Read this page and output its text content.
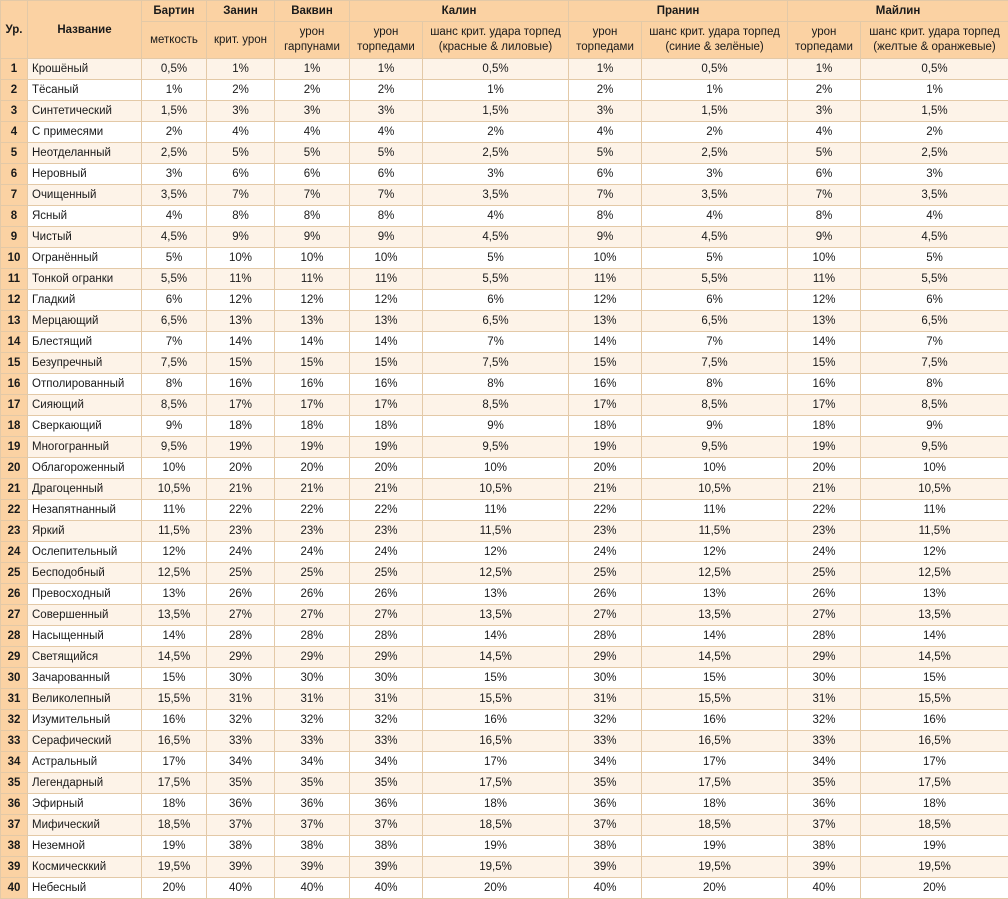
Ур.	Название	Бартин	Занин	Ваквин	Калин		Пранин		Майлин	
		меткость	крит. урон	урон гарпунами	урон торпедами	шанс крит. удара торпед (красные & лиловые)	урон торпедами	шанс крит. удара торпед (синие & зелёные)	урон торпедами	шанс крит. удара торпед (желтые & оранжевые)
1	Крошёный	0,5%	1%	1%	1%	0,5%	1%	0,5%	1%	0,5%
2	Тёсаный	1%	2%	2%	2%	1%	2%	1%	2%	1%
3	Синтетический	1,5%	3%	3%	3%	1,5%	3%	1,5%	3%	1,5%
4	С примесями	2%	4%	4%	4%	2%	4%	2%	4%	2%
5	Неотделанный	2,5%	5%	5%	5%	2,5%	5%	2,5%	5%	2,5%
6	Неровный	3%	6%	6%	6%	3%	6%	3%	6%	3%
7	Очищенный	3,5%	7%	7%	7%	3,5%	7%	3,5%	7%	3,5%
8	Ясный	4%	8%	8%	8%	4%	8%	4%	8%	4%
9	Чистый	4,5%	9%	9%	9%	4,5%	9%	4,5%	9%	4,5%
10	Огранённый	5%	10%	10%	10%	5%	10%	5%	10%	5%
11	Тонкой огранки	5,5%	11%	11%	11%	5,5%	11%	5,5%	11%	5,5%
12	Гладкий	6%	12%	12%	12%	6%	12%	6%	12%	6%
13	Мерцающий	6,5%	13%	13%	13%	6,5%	13%	6,5%	13%	6,5%
14	Блестящий	7%	14%	14%	14%	7%	14%	7%	14%	7%
15	Безупречный	7,5%	15%	15%	15%	7,5%	15%	7,5%	15%	7,5%
16	Отполированный	8%	16%	16%	16%	8%	16%	8%	16%	8%
17	Сияющий	8,5%	17%	17%	17%	8,5%	17%	8,5%	17%	8,5%
18	Сверкающий	9%	18%	18%	18%	9%	18%	9%	18%	9%
19	Многогранный	9,5%	19%	19%	19%	9,5%	19%	9,5%	19%	9,5%
20	Облагороженный	10%	20%	20%	20%	10%	20%	10%	20%	10%
21	Драгоценный	10,5%	21%	21%	21%	10,5%	21%	10,5%	21%	10,5%
22	Незапятнанный	11%	22%	22%	22%	11%	22%	11%	22%	11%
23	Яркий	11,5%	23%	23%	23%	11,5%	23%	11,5%	23%	11,5%
24	Ослепительный	12%	24%	24%	24%	12%	24%	12%	24%	12%
25	Бесподобный	12,5%	25%	25%	25%	12,5%	25%	12,5%	25%	12,5%
26	Превосходный	13%	26%	26%	26%	13%	26%	13%	26%	13%
27	Совершенный	13,5%	27%	27%	27%	13,5%	27%	13,5%	27%	13,5%
28	Насыщенный	14%	28%	28%	28%	14%	28%	14%	28%	14%
29	Светящийся	14,5%	29%	29%	29%	14,5%	29%	14,5%	29%	14,5%
30	Зачарованный	15%	30%	30%	30%	15%	30%	15%	30%	15%
31	Великолепный	15,5%	31%	31%	31%	15,5%	31%	15,5%	31%	15,5%
32	Изумительный	16%	32%	32%	32%	16%	32%	16%	32%	16%
33	Серафический	16,5%	33%	33%	33%	16,5%	33%	16,5%	33%	16,5%
34	Астральный	17%	34%	34%	34%	17%	34%	17%	34%	17%
35	Легендарный	17,5%	35%	35%	35%	17,5%	35%	17,5%	35%	17,5%
36	Эфирный	18%	36%	36%	36%	18%	36%	18%	36%	18%
37	Мифический	18,5%	37%	37%	37%	18,5%	37%	18,5%	37%	18,5%
38	Неземной	19%	38%	38%	38%	19%	38%	19%	38%	19%
39	Космическкий	19,5%	39%	39%	39%	19,5%	39%	19,5%	39%	19,5%
40	Небесный	20%	40%	40%	40%	20%	40%	20%	40%	20%
